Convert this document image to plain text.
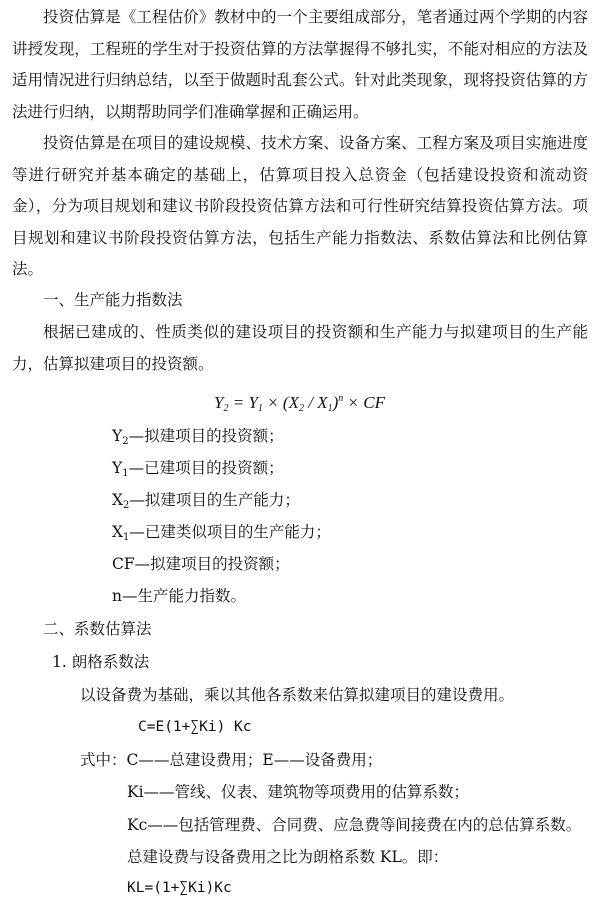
投资估算是《工程估价》教材中的一个主要组成部分，笔者通过两个学期的内容讲授发现，工程班的学生对于投资估算的方法掌握得不够扎实，不能对相应的方法及适用情况进行归纳总结，以至于做题时乱套公式。针对此类现象，现将投资估算的方法进行归纳，以期帮助同学们准确掌握和正确运用。

投资估算是在项目的建设规模、技术方案、设备方案、工程方案及项目实施进度等进行研究并基本确定的基础上，估算项目投入总资金（包括建设投资和流动资金），分为项目规划和建议书阶段投资估算方法和可行性研究结算投资估算方法。项目规划和建议书阶段投资估算方法，包括生产能力指数法、系数估算法和比例估算法。

一、生产能力指数法

根据已建成的、性质类似的建设项目的投资额和生产能力与拟建项目的生产能力，估算拟建项目的投资额。

$Y_2 = Y_1 \times (X_2 / X_1)^n$ × CF
$Y_2—$拟建项目的投资额；
$Y_1—$已建项目的投资额；
$X_2—$拟建项目的生产能力；
$X_1—$已建类似项目的生产能力；
CF—拟建项目的投资额；
n—生产能力指数。

二、系数估算法

1. 朗格系数法

以设备费为基础，乘以其他各系数来估算拟建项目的建设费用。

C=E(1+∑Ki) Kc

式中：C——总建设费用；E——设备费用；

Ki——管线、仪表、建筑物等项费用的估算系数；

Kc——包括管理费、合同费、应急费等间接费在内的总估算系数。

总建设费与设备费用之比为朗格系数 KL。即：

KL=(1+∑Ki)Kc
